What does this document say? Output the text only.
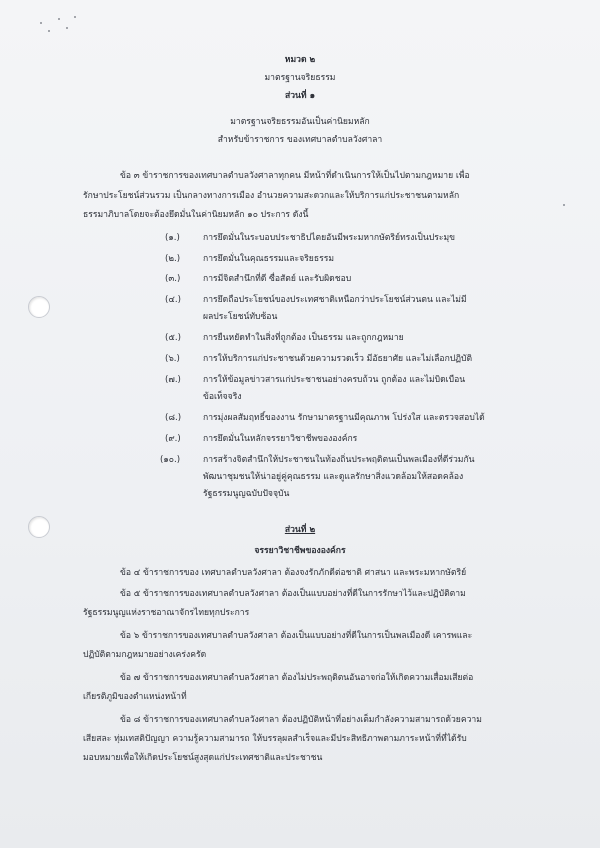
หมวด ๒
มาตรฐานจริยธรรม
ส่วนที่ ๑
มาตรฐานจริยธรรมอันเป็นค่านิยมหลัก
สำหรับข้าราชการ ของเทศบาลตำบลวังศาลา
ข้อ ๓ ข้าราชการของเทศบาลตำบลวังศาลาทุกคน มีหน้าที่ดำเนินการให้เป็นไปตามกฎหมาย เพื่อ
รักษาประโยชน์ส่วนรวม เป็นกลางทางการเมือง อำนวยความสะดวกและให้บริการแก่ประชาชนตามหลัก
ธรรมาภิบาลโดยจะต้องยึดมั่นในค่านิยมหลัก ๑๐ ประการ ดังนี้
(๑.)	การยึดมั่นในระบอบประชาธิปไตยอันมีพระมหากษัตริย์ทรงเป็นประมุข
(๒.)	การยึดมั่นในคุณธรรมและจริยธรรม
(๓.)	การมีจิตสำนึกที่ดี ซื่อสัตย์ และรับผิดชอบ
(๔.)	การยึดถือประโยชน์ของประเทศชาติเหนือกว่าประโยชน์ส่วนตน และไม่มี
ผลประโยชน์ทับซ้อน
(๕.)	การยืนหยัดทำในสิ่งที่ถูกต้อง เป็นธรรม และถูกกฎหมาย
(๖.)	การให้บริการแก่ประชาชนด้วยความรวดเร็ว มีอัธยาศัย และไม่เลือกปฏิบัติ
(๗.)	การให้ข้อมูลข่าวสารแก่ประชาชนอย่างครบถ้วน ถูกต้อง และไม่บิดเบือน
ข้อเท็จจริง
(๘.)	การมุ่งผลสัมฤทธิ์ของงาน รักษามาตรฐานมีคุณภาพ โปร่งใส และตรวจสอบได้
(๙.)	การยึดมั่นในหลักจรรยาวิชาชีพขององค์กร
(๑๐.)	การสร้างจิตสำนึกให้ประชาชนในท้องถิ่นประพฤติตนเป็นพลเมืองที่ดีร่วมกัน
พัฒนาชุมชนให้น่าอยู่คู่คุณธรรม และดูแลรักษาสิ่งแวดล้อมให้สอดคล้อง
รัฐธรรมนูญฉบับปัจจุบัน
ส่วนที่ ๒
จรรยาวิชาชีพขององค์กร
ข้อ ๔ ข้าราชการของ เทศบาลตำบลวังศาลา ต้องจงรักภักดีต่อชาติ ศาสนา และพระมหากษัตริย์
ข้อ ๕ ข้าราชการของเทศบาลตำบลวังศาลา ต้องเป็นแบบอย่างที่ดีในการรักษาไว้และปฏิบัติตาม
รัฐธรรมนูญแห่งราชอาณาจักรไทยทุกประการ
ข้อ ๖ ข้าราชการของเทศบาลตำบลวังศาลา ต้องเป็นแบบอย่างที่ดีในการเป็นพลเมืองดี เคารพและ
ปฏิบัติตามกฎหมายอย่างเคร่งครัด
ข้อ ๗ ข้าราชการของเทศบาลตำบลวังศาลา ต้องไม่ประพฤติตนอันอาจก่อให้เกิดความเสื่อมเสียต่อ
เกียรติภูมิของตำแหน่งหน้าที่
ข้อ ๘ ข้าราชการของเทศบาลตำบลวังศาลา ต้องปฏิบัติหน้าที่อย่างเต็มกำลังความสามารถด้วยความ
เสียสละ ทุ่มเทสติปัญญา ความรู้ความสามารถ ให้บรรลุผลสำเร็จและมีประสิทธิภาพตามภาระหน้าที่ที่ได้รับ
มอบหมายเพื่อให้เกิดประโยชน์สูงสุดแก่ประเทศชาติและประชาชน
